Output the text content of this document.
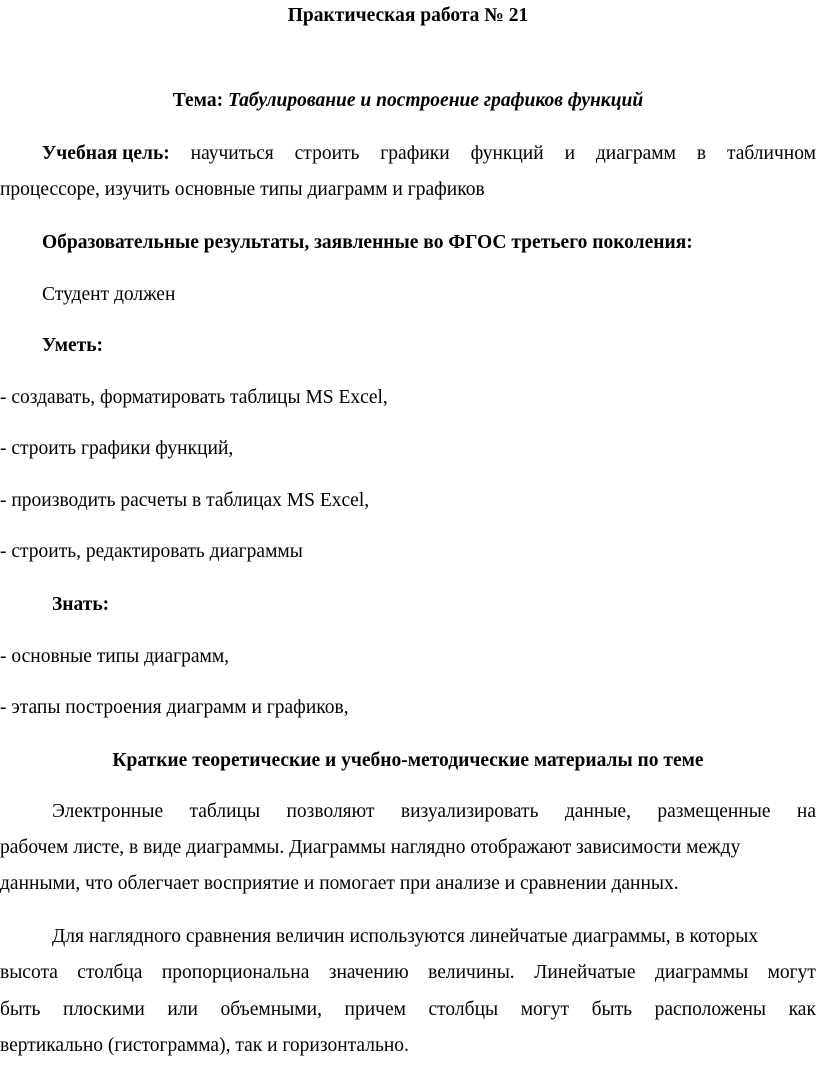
Практическая работа № 21
Тема: Табулирование и построение графиков функций
Учебная цель: научиться строить графики функций и диаграмм в табличном
процессоре, изучить основные типы диаграмм и графиков
Образовательные результаты, заявленные во ФГОС третьего поколения:
Студент должен
Уметь:
- создавать, форматировать таблицы MS Excel,
- строить графики функций,
- производить расчеты в таблицах MS Excel,
- строить, редактировать диаграммы
Знать:
- основные типы диаграмм,
- этапы построения диаграмм и графиков,
Краткие теоретические и учебно-методические материалы по теме
Электронные таблицы позволяют визуализировать данные, размещенные на
рабочем листе, в виде диаграммы. Диаграммы наглядно отображают зависимости между
данными, что облегчает восприятие и помогает при анализе и сравнении данных.
Для наглядного сравнения величин используются линейчатые диаграммы, в которых
высота столбца пропорциональна значению величины. Линейчатые диаграммы могут
быть плоскими или объемными, причем столбцы могут быть расположены как
вертикально (гистограмма), так и горизонтально.
